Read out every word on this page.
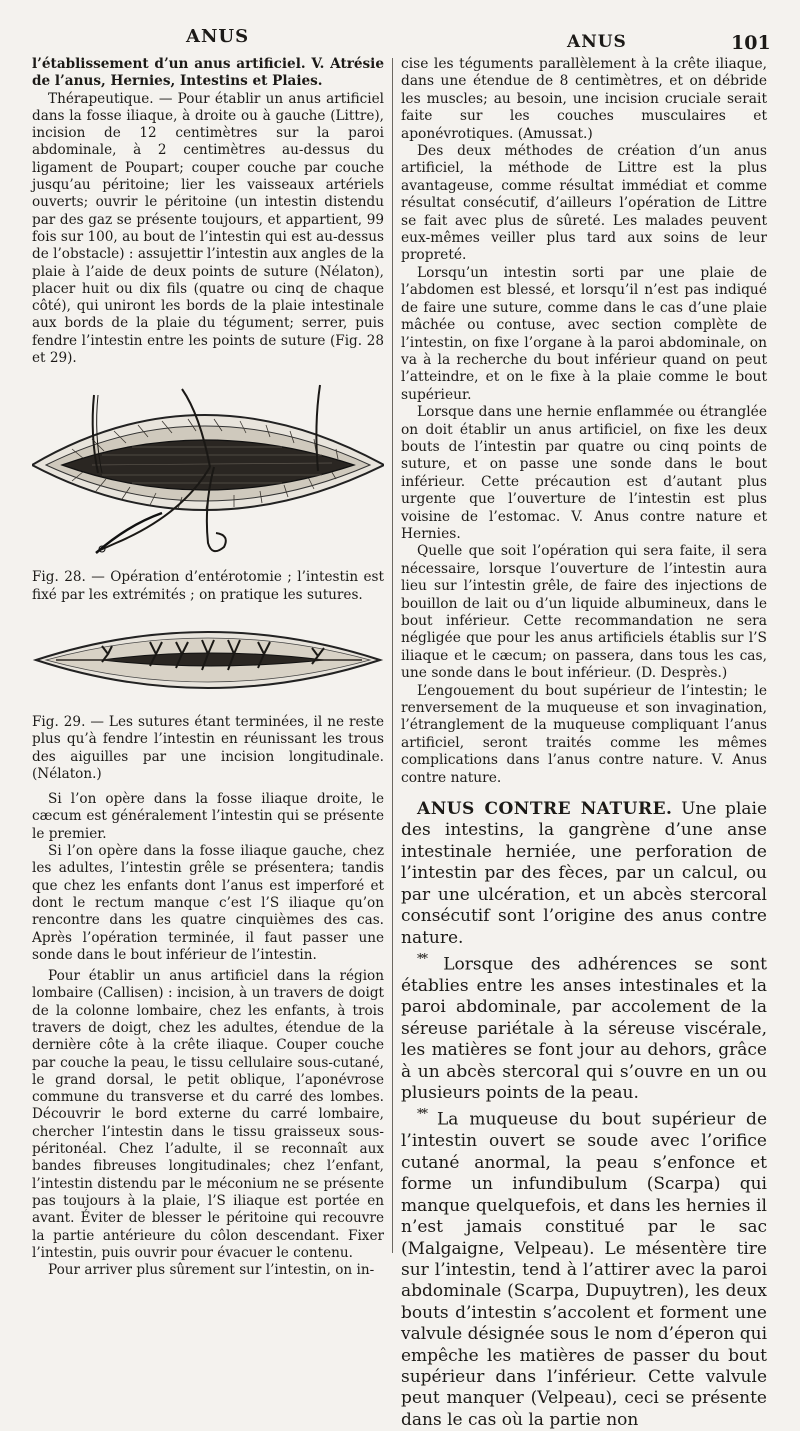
ANUS	ANUS	101

l’établissement d’un anus artificiel. V. Atrésie de l’anus, Hernies, Intestins et Plaies.

Thérapeutique. — Pour établir un anus artificiel dans la fosse iliaque, à droite ou à gauche (Littre), incision de 12 centimètres sur la paroi abdominale, à 2 centimètres au-dessus du ligament de Poupart; couper couche par couche jusqu’au péritoine; lier les vaisseaux artériels ouverts; ouvrir le péritoine (un intestin distendu par des gaz se présente toujours, et appartient, 99 fois sur 100, au bout de l’intestin qui est au-dessus de l’obstacle) : assujettir l’intestin aux angles de la plaie à l’aide de deux points de suture (Nélaton), placer huit ou dix fils (quatre ou cinq de chaque côté), qui uniront les bords de la plaie intestinale aux bords de la plaie du tégument; serrer, puis fendre l’intestin entre les points de suture (Fig. 28 et 29).

Fig. 28. — Opération d’entérotomie ; l’intestin est fixé par les extrémités ; on pratique les sutures.

Fig. 29. — Les sutures étant terminées, il ne reste plus qu’à fendre l’intestin en réunissant les trous des aiguilles par une incision longitudinale. (Nélaton.)

Si l’on opère dans la fosse iliaque droite, le cæcum est généralement l’intestin qui se présente le premier.

Si l’on opère dans la fosse iliaque gauche, chez les adultes, l’intestin grêle se présentera; tandis que chez les enfants dont l’anus est imperforé et dont le rectum manque c’est l’S iliaque qu’on rencontre dans les quatre cinquièmes des cas. Après l’opération terminée, il faut passer une sonde dans le bout inférieur de l’intestin.

Pour établir un anus artificiel dans la région lombaire (Callisen) : incision, à un travers de doigt de la colonne lombaire, chez les enfants, à trois travers de doigt, chez les adultes, étendue de la dernière côte à la crête iliaque. Couper couche par couche la peau, le tissu cellulaire sous-cutané, le grand dorsal, le petit oblique, l’aponévrose commune du transverse et du carré des lombes. Découvrir le bord externe du carré lombaire, chercher l’intestin dans le tissu graisseux sous-péritonéal. Chez l’adulte, il se reconnaît aux bandes fibreuses longitudinales; chez l’enfant, l’intestin distendu par le méconium ne se présente pas toujours à la plaie, l’S iliaque est portée en avant. Éviter de blesser le péritoine qui recouvre la partie antérieure du côlon descendant. Fixer l’intestin, puis ouvrir pour évacuer le contenu.

Pour arriver plus sûrement sur l’intestin, on in-

cise les téguments parallèlement à la crête iliaque, dans une étendue de 8 centimètres, et on débride les muscles; au besoin, une incision cruciale serait faite sur les couches musculaires et aponévrotiques. (Amussat.)

Des deux méthodes de création d’un anus artificiel, la méthode de Littre est la plus avantageuse, comme résultat immédiat et comme résultat consécutif, d’ailleurs l’opération de Littre se fait avec plus de sûreté. Les malades peuvent eux-mêmes veiller plus tard aux soins de leur propreté.

Lorsqu’un intestin sorti par une plaie de l’abdomen est blessé, et lorsqu’il n’est pas indiqué de faire une suture, comme dans le cas d’une plaie mâchée ou contuse, avec section complète de l’intestin, on fixe l’organe à la paroi abdominale, on va à la recherche du bout inférieur quand on peut l’atteindre, et on le fixe à la plaie comme le bout supérieur.

Lorsque dans une hernie enflammée ou étranglée on doit établir un anus artificiel, on fixe les deux bouts de l’intestin par quatre ou cinq points de suture, et on passe une sonde dans le bout inférieur. Cette précaution est d’autant plus urgente que l’ouverture de l’intestin est plus voisine de l’estomac. V. Anus contre nature et Hernies.

Quelle que soit l’opération qui sera faite, il sera nécessaire, lorsque l’ouverture de l’intestin aura lieu sur l’intestin grêle, de faire des injections de bouillon de lait ou d’un liquide albumineux, dans le bout inférieur. Cette recommandation ne sera négligée que pour les anus artificiels établis sur l’S iliaque et le cæcum; on passera, dans tous les cas, une sonde dans le bout inférieur. (D. Desprès.)

L’engouement du bout supérieur de l’intestin; le renversement de la muqueuse et son invagination, l’étranglement de la muqueuse compliquant l’anus artificiel, seront traités comme les mêmes complications dans l’anus contre nature. V. Anus contre nature.

ANUS CONTRE NATURE. Une plaie des intestins, la gangrène d’une anse intestinale herniée, une perforation de l’intestin par des fèces, par un calcul, ou par une ulcération, et un abcès stercoral consécutif sont l’origine des anus contre nature.

** Lorsque des adhérences se sont établies entre les anses intestinales et la paroi abdominale, par accolement de la séreuse pariétale à la séreuse viscérale, les matières se font jour au dehors, grâce à un abcès stercoral qui s’ouvre en un ou plusieurs points de la peau.

** La muqueuse du bout supérieur de l’intestin ouvert se soude avec l’orifice cutané anormal, la peau s’enfonce et forme un infundibulum (Scarpa) qui manque quelquefois, et dans les hernies il n’est jamais constitué par le sac (Malgaigne, Velpeau). Le mésentère tire sur l’intestin, tend à l’attirer avec la paroi abdominale (Scarpa, Dupuytren), les deux bouts d’intestin s’accolent et forment une valvule désignée sous le nom d’éperon qui empêche les matières de passer du bout supérieur dans l’inférieur. Cette valvule peut manquer (Velpeau), ceci se présente dans le cas où la partie non
